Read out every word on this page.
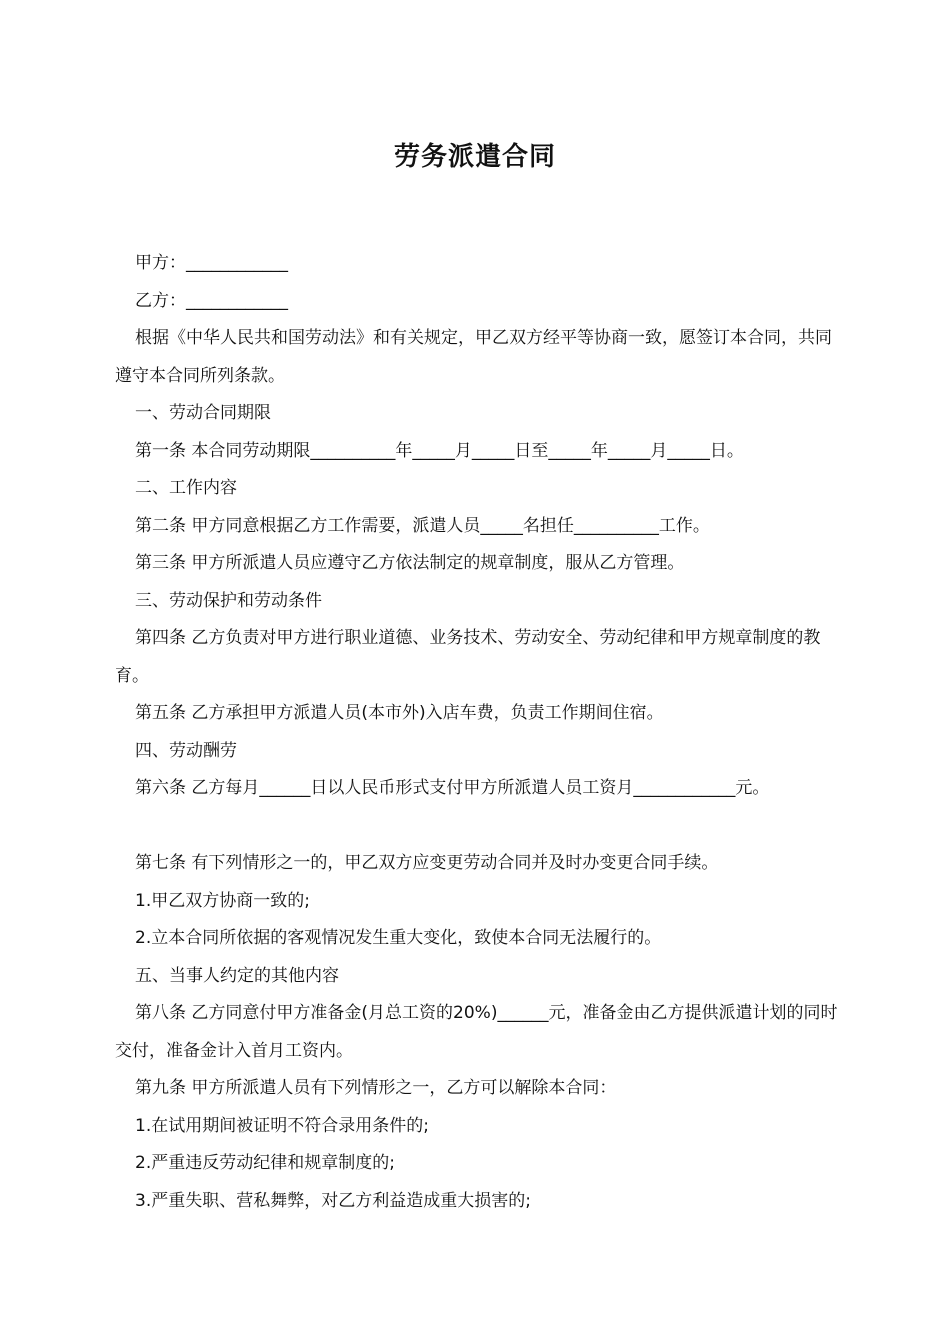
劳务派遣合同

甲方：____________

乙方：____________

根据《中华人民共和国劳动法》和有关规定，甲乙双方经平等协商一致，愿签订本合同，共同遵守本合同所列条款。

一、劳动合同期限

第一条 本合同劳动期限__________年_____月_____日至_____年_____月_____日。

二、工作内容

第二条 甲方同意根据乙方工作需要，派遣人员_____名担任__________工作。

第三条 甲方所派遣人员应遵守乙方依法制定的规章制度，服从乙方管理。

三、劳动保护和劳动条件

第四条 乙方负责对甲方进行职业道德、业务技术、劳动安全、劳动纪律和甲方规章制度的教育。

第五条 乙方承担甲方派遣人员(本市外)入店车费，负责工作期间住宿。

四、劳动酬劳

第六条 乙方每月______日以人民币形式支付甲方所派遣人员工资月____________元。

第七条 有下列情形之一的，甲乙双方应变更劳动合同并及时办变更合同手续。

1.甲乙双方协商一致的;

2.立本合同所依据的客观情况发生重大变化，致使本合同无法履行的。

五、当事人约定的其他内容

第八条 乙方同意付甲方准备金(月总工资的20%)______元，准备金由乙方提供派遣计划的同时交付，准备金计入首月工资内。

第九条 甲方所派遣人员有下列情形之一，乙方可以解除本合同：

1.在试用期间被证明不符合录用条件的;

2.严重违反劳动纪律和规章制度的;

3.严重失职、营私舞弊，对乙方利益造成重大损害的;
